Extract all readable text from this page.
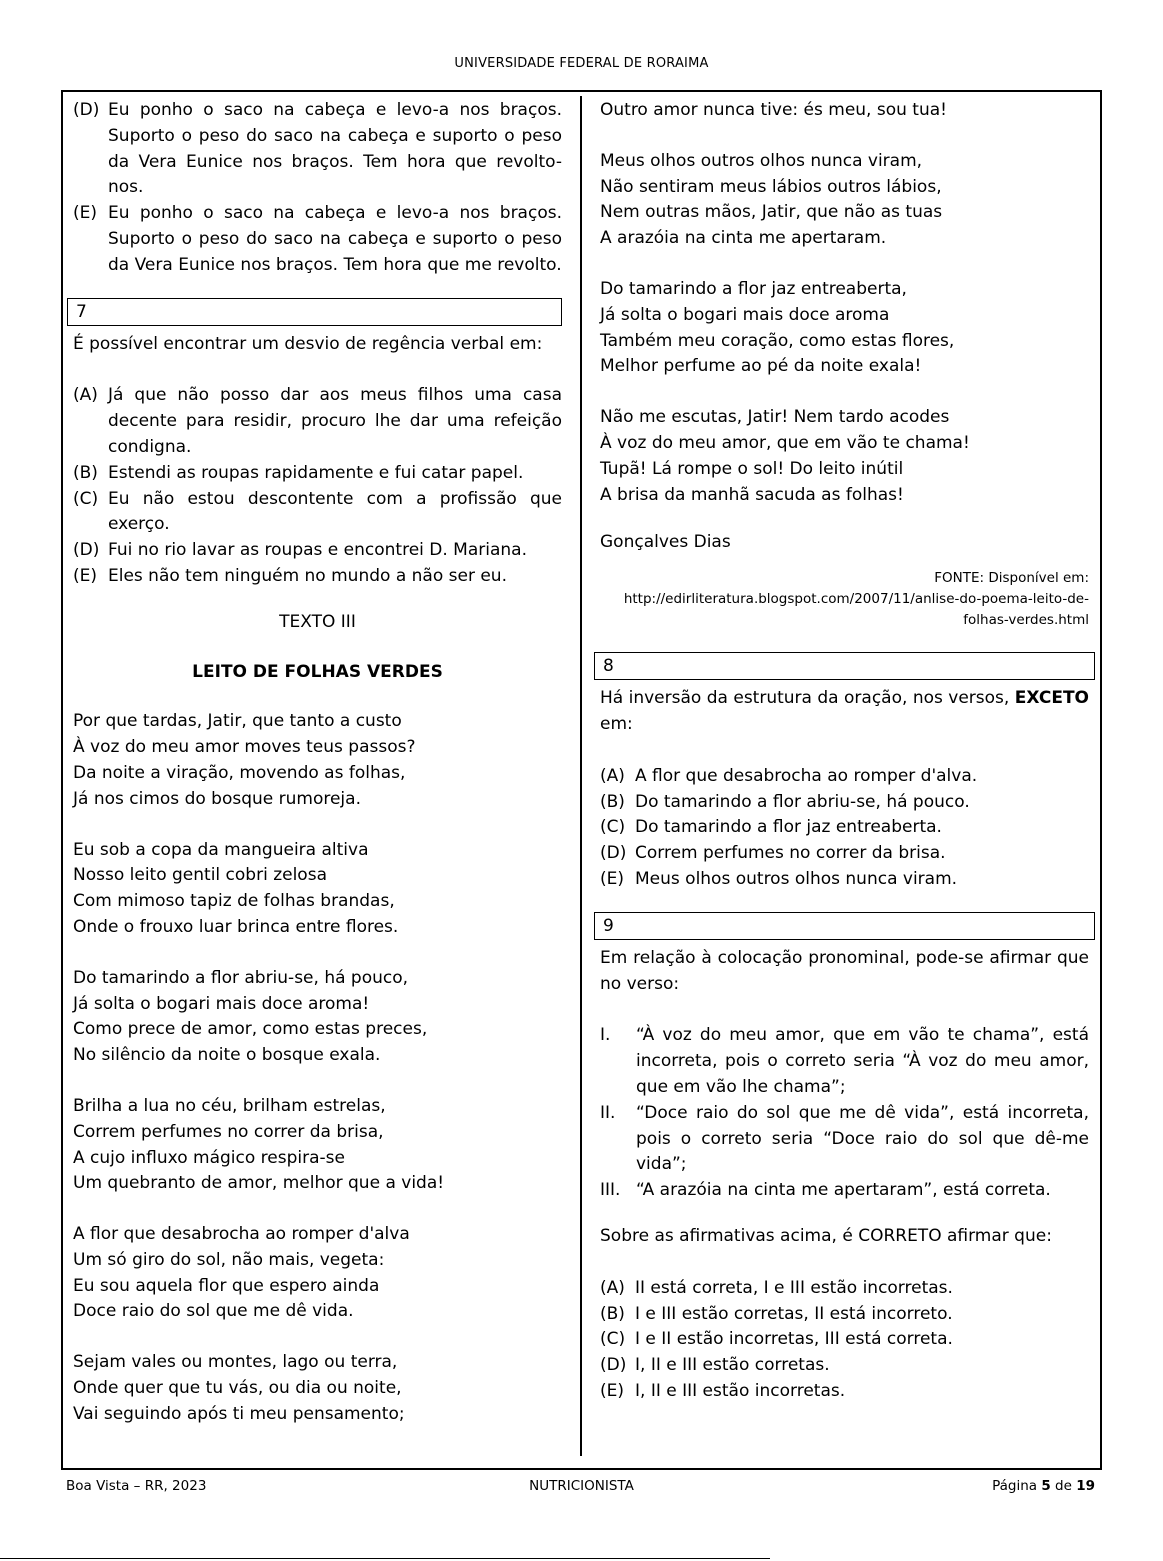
UNIVERSIDADE FEDERAL DE RORAIMA
(D) Eu ponho o saco na cabeça e levo-a nos braços. Suporto o peso do saco na cabeça e suporto o peso da Vera Eunice nos braços. Tem hora que revolto-nos.
(E) Eu ponho o saco na cabeça e levo-a nos braços. Suporto o peso do saco na cabeça e suporto o peso da Vera Eunice nos braços. Tem hora que me revolto.
7
É possível encontrar um desvio de regência verbal em:
(A) Já que não posso dar aos meus filhos uma casa decente para residir, procuro lhe dar uma refeição condigna.
(B) Estendi as roupas rapidamente e fui catar papel.
(C) Eu não estou descontente com a profissão que exerço.
(D) Fui no rio lavar as roupas e encontrei D. Mariana.
(E) Eles não tem ninguém no mundo a não ser eu.
TEXTO III
LEITO DE FOLHAS VERDES
Por que tardas, Jatir, que tanto a custo
À voz do meu amor moves teus passos?
Da noite a viração, movendo as folhas,
Já nos cimos do bosque rumoreja.
Eu sob a copa da mangueira altiva
Nosso leito gentil cobri zelosa
Com mimoso tapiz de folhas brandas,
Onde o frouxo luar brinca entre flores.
Do tamarindo a flor abriu-se, há pouco,
Já solta o bogari mais doce aroma!
Como prece de amor, como estas preces,
No silêncio da noite o bosque exala.
Brilha a lua no céu, brilham estrelas,
Correm perfumes no correr da brisa,
A cujo influxo mágico respira-se
Um quebranto de amor, melhor que a vida!
A flor que desabrocha ao romper d'alva
Um só giro do sol, não mais, vegeta:
Eu sou aquela flor que espero ainda
Doce raio do sol que me dê vida.
Sejam vales ou montes, lago ou terra,
Onde quer que tu vás, ou dia ou noite,
Vai seguindo após ti meu pensamento;
Outro amor nunca tive: és meu, sou tua!
Meus olhos outros olhos nunca viram,
Não sentiram meus lábios outros lábios,
Nem outras mãos, Jatir, que não as tuas
A arazóia na cinta me apertaram.
Do tamarindo a flor jaz entreaberta,
Já solta o bogari mais doce aroma
Também meu coração, como estas flores,
Melhor perfume ao pé da noite exala!
Não me escutas, Jatir! Nem tardo acodes
À voz do meu amor, que em vão te chama!
Tupã! Lá rompe o sol! Do leito inútil
A brisa da manhã sacuda as folhas!
Gonçalves Dias
FONTE: Disponível em:
http://edirliteratura.blogspot.com/2007/11/anlise-do-poema-leito-de-
folhas-verdes.html
8
Há inversão da estrutura da oração, nos versos, EXCETO em:
(A) A flor que desabrocha ao romper d'alva.
(B) Do tamarindo a flor abriu-se, há pouco.
(C) Do tamarindo a flor jaz entreaberta.
(D) Correm perfumes no correr da brisa.
(E) Meus olhos outros olhos nunca viram.
9
Em relação à colocação pronominal, pode-se afirmar que no verso:
I.	“À voz do meu amor, que em vão te chama”, está incorreta, pois o correto seria “À voz do meu amor, que em vão lhe chama”;
II.	“Doce raio do sol que me dê vida”, está incorreta, pois o correto seria “Doce raio do sol que dê-me vida”;
III. “A arazóia na cinta me apertaram”, está correta.
Sobre as afirmativas acima, é CORRETO afirmar que:
(A) II está correta, I e III estão incorretas.
(B) I e III estão corretas, II está incorreto.
(C) I e II estão incorretas, III está correta.
(D) I, II e III estão corretas.
(E) I, II e III estão incorretas.
Boa Vista – RR, 2023	NUTRICIONISTA	Página 5 de 19
